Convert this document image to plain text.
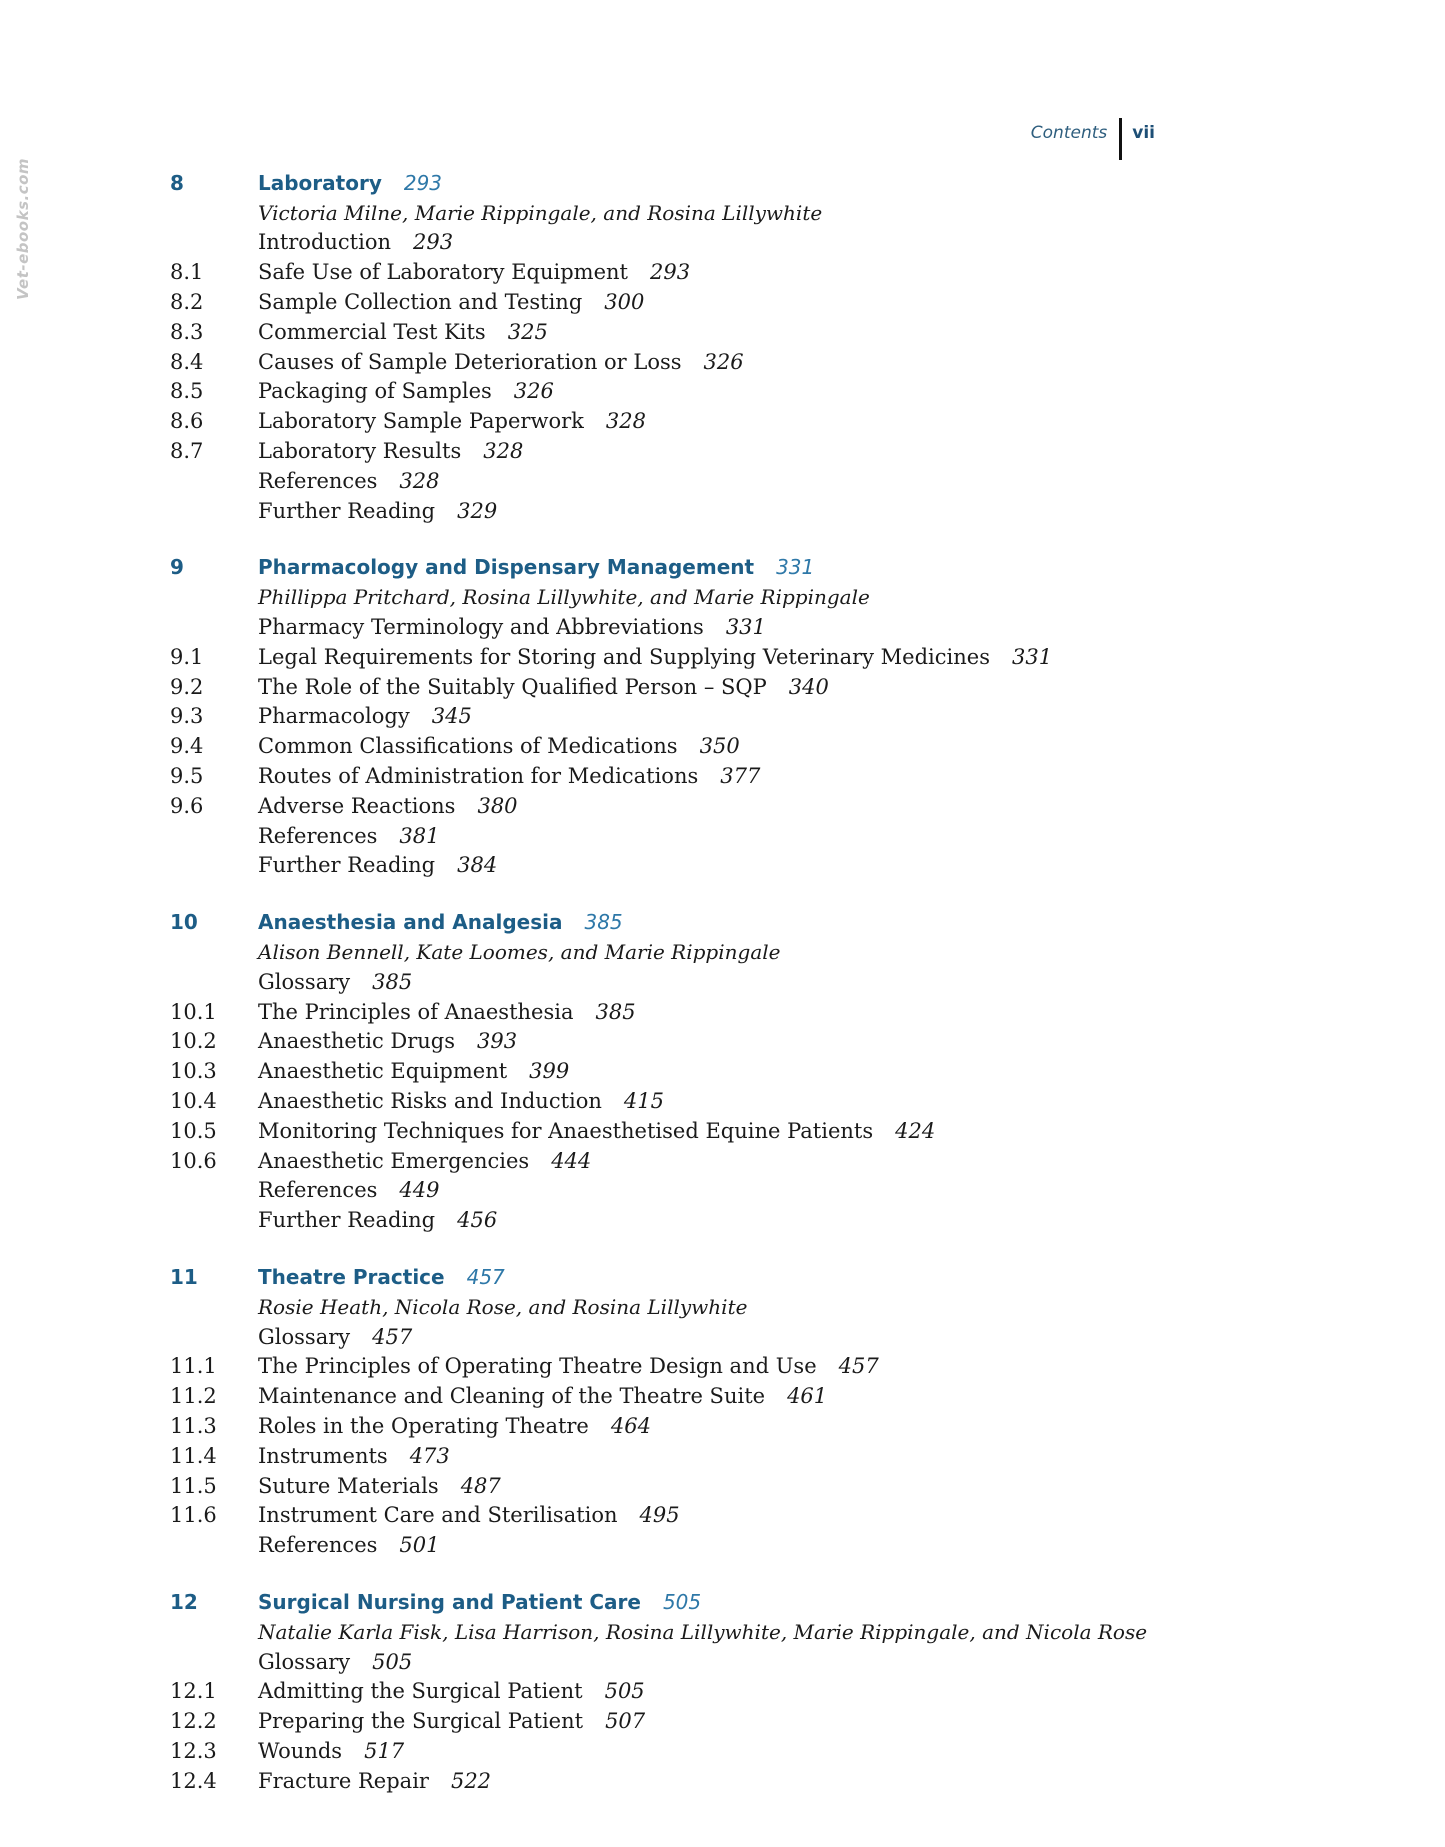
Contents vii
Vet-ebooks.com	8	Laboratory 293
Victoria Milne, Marie Rippingale, and Rosina Lillywhite
Introduction 293
8.1	Safe Use of Laboratory Equipment 293
8.2	Sample Collection and Testing 300
8.3	Commercial Test Kits 325
8.4	Causes of Sample Deterioration or Loss 326
8.5	Packaging of Samples 326
8.6	Laboratory Sample Paperwork 328
8.7	Laboratory Results 328
References 328
Further Reading 329
9	Pharmacology and Dispensary Management 331
Phillippa Pritchard, Rosina Lillywhite, and Marie Rippingale
Pharmacy Terminology and Abbreviations 331
9.1	Legal Requirements for Storing and Supplying Veterinary Medicines 331
9.2	The Role of the Suitably Qualified Person – SQP 340
9.3	Pharmacology 345
9.4	Common Classifications of Medications 350
9.5	Routes of Administration for Medications 377
9.6	Adverse Reactions 380
References 381
Further Reading 384
10	Anaesthesia and Analgesia 385
Alison Bennell, Kate Loomes, and Marie Rippingale
Glossary 385
10.1	The Principles of Anaesthesia 385
10.2	Anaesthetic Drugs 393
10.3	Anaesthetic Equipment 399
10.4	Anaesthetic Risks and Induction 415
10.5	Monitoring Techniques for Anaesthetised Equine Patients 424
10.6	Anaesthetic Emergencies 444
References 449
Further Reading 456
11	Theatre Practice 457
Rosie Heath, Nicola Rose, and Rosina Lillywhite
Glossary 457
11.1	The Principles of Operating Theatre Design and Use 457
11.2	Maintenance and Cleaning of the Theatre Suite 461
11.3	Roles in the Operating Theatre 464
11.4	Instruments 473
11.5	Suture Materials 487
11.6	Instrument Care and Sterilisation 495
References 501
12	Surgical Nursing and Patient Care 505
Natalie Karla Fisk, Lisa Harrison, Rosina Lillywhite, Marie Rippingale, and Nicola Rose
Glossary 505
12.1	Admitting the Surgical Patient 505
12.2	Preparing the Surgical Patient 507
12.3	Wounds 517
12.4	Fracture Repair 522
